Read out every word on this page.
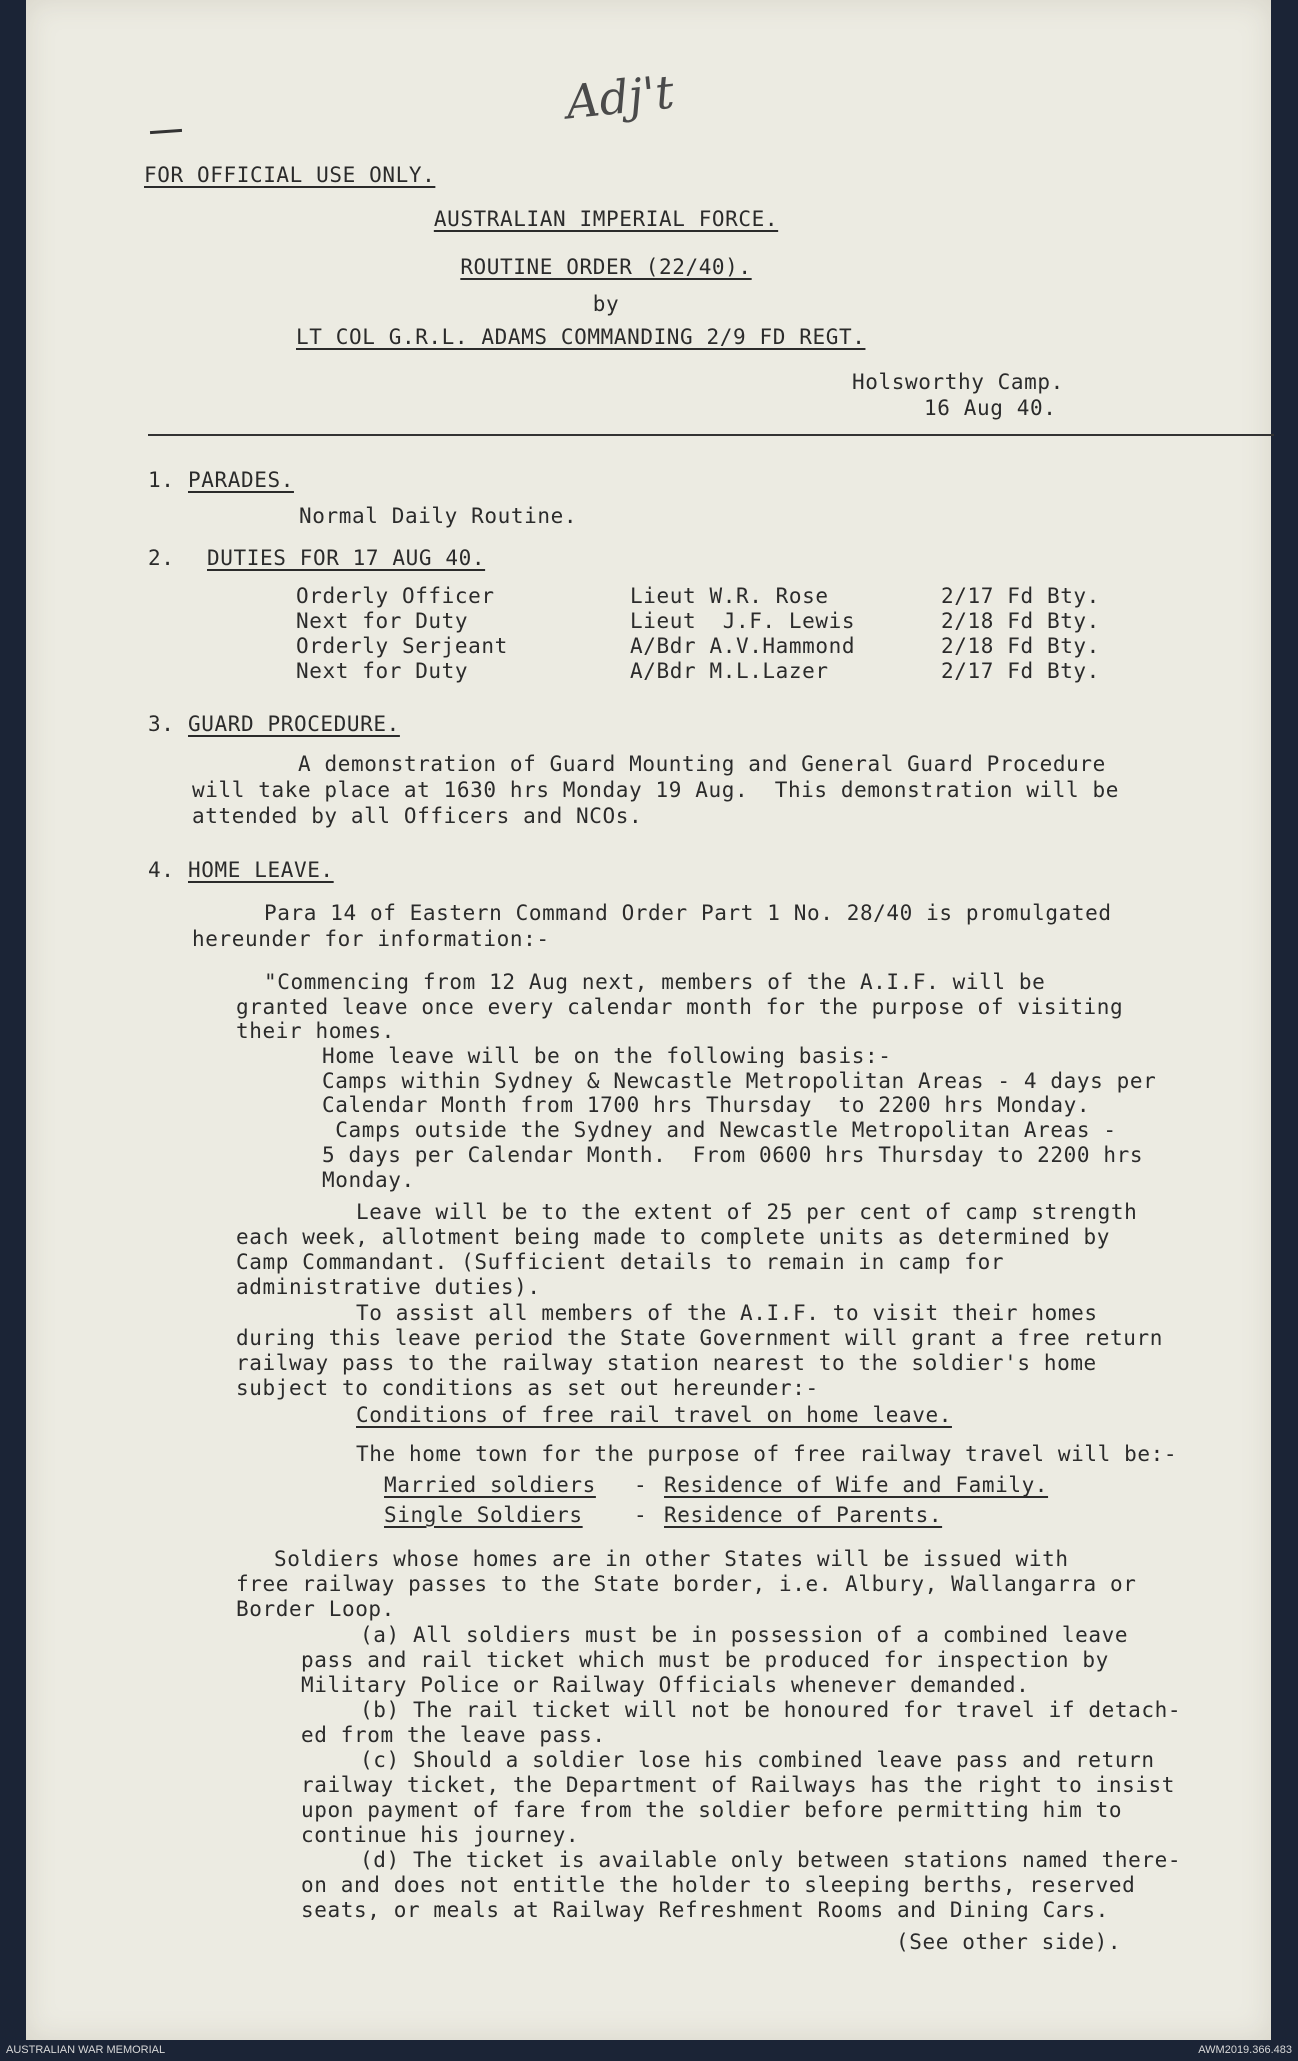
Adj't
FOR OFFICIAL USE ONLY.
AUSTRALIAN IMPERIAL FORCE.
ROUTINE ORDER (22/40).
by
LT COL G.R.L. ADAMS COMMANDING 2/9 FD REGT.
Holsworthy Camp.
16 Aug 40.
1. PARADES.
Normal Daily Routine.
2. DUTIES FOR 17 AUG 40.
Orderly Officer	Lieut W.R. Rose	2/17 Fd Bty.
Next for Duty	Lieut  J.F. Lewis	2/18 Fd Bty.
Orderly Serjeant	A/Bdr A.V.Hammond	2/18 Fd Bty.
Next for Duty	A/Bdr M.L.Lazer	2/17 Fd Bty.
3. GUARD PROCEDURE.
A demonstration of Guard Mounting and General Guard Procedure
will take place at 1630 hrs Monday 19 Aug.  This demonstration will be
attended by all Officers and NCOs.
4. HOME LEAVE.
Para 14 of Eastern Command Order Part 1 No. 28/40 is promulgated
hereunder for information:-
"Commencing from 12 Aug next, members of the A.I.F. will be
granted leave once every calendar month for the purpose of visiting
their homes.
Home leave will be on the following basis:-
Camps within Sydney & Newcastle Metropolitan Areas - 4 days per
Calendar Month from 1700 hrs Thursday  to 2200 hrs Monday.
Camps outside the Sydney and Newcastle Metropolitan Areas -
5 days per Calendar Month.  From 0600 hrs Thursday to 2200 hrs
Monday.
Leave will be to the extent of 25 per cent of camp strength
each week, allotment being made to complete units as determined by
Camp Commandant. (Sufficient details to remain in camp for
administrative duties).
To assist all members of the A.I.F. to visit their homes
during this leave period the State Government will grant a free return
railway pass to the railway station nearest to the soldier's home
subject to conditions as set out hereunder:-
Conditions of free rail travel on home leave.
The home town for the purpose of free railway travel will be:-
Married soldiers - Residence of Wife and Family.
Single Soldiers - Residence of Parents.
Soldiers whose homes are in other States will be issued with
free railway passes to the State border, i.e. Albury, Wallangarra or
Border Loop.
(a) All soldiers must be in possession of a combined leave
pass and rail ticket which must be produced for inspection by
Military Police or Railway Officials whenever demanded.
(b) The rail ticket will not be honoured for travel if detach-
ed from the leave pass.
(c) Should a soldier lose his combined leave pass and return
railway ticket, the Department of Railways has the right to insist
upon payment of fare from the soldier before permitting him to
continue his journey.
(d) The ticket is available only between stations named there-
on and does not entitle the holder to sleeping berths, reserved
seats, or meals at Railway Refreshment Rooms and Dining Cars.
(See other side).
AUSTRALIAN WAR MEMORIAL	AWM2019.366.483
